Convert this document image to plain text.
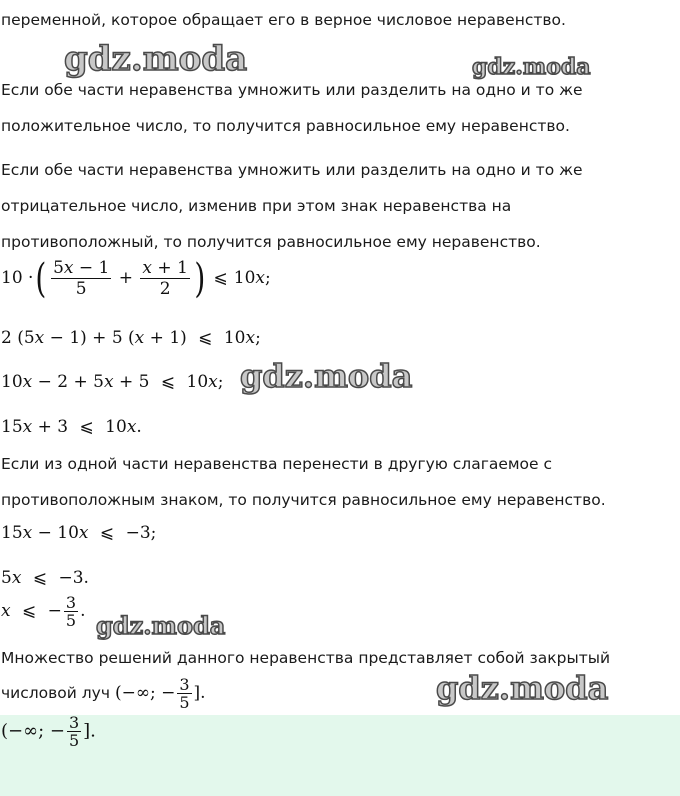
gdz.moda	gdz.moda
gdz.moda
gdz.moda
gdz.moda

переменной, которое обращает его в верное числовое неравенство.

Если обе части неравенства умножить или разделить на одно и то же

положительное число, то получится равносильное ему неравенство.

Если обе части неравенства умножить или разделить на одно и то же

отрицательное число, изменив при этом знак неравенства на

противоположный, то получится равносильное ему неравенство.

10 ·( $\frac{5x - 1}{5} + \frac{x + 1}{2}$ ) ⩽ 10x;
2 (5x − 1) + 5 (x + 1) ⩽ 10x;
10x − 2 + 5x + 5 ⩽ 10x;
15x + 3 ⩽ 10x.

Если из одной части неравенства перенести в другую слагаемое с

противоположным знаком, то получится равносильное ему неравенство.

15x − 10x ⩽ −3;
5x ⩽ −3.
x ⩽ − $\frac{3}{5}$ .

Множество решений данного неравенства представляет собой закрытый

числовой луч (−∞; − $\frac{3}{5}$ ].
(−∞; − $\frac{3}{5}$ ].
